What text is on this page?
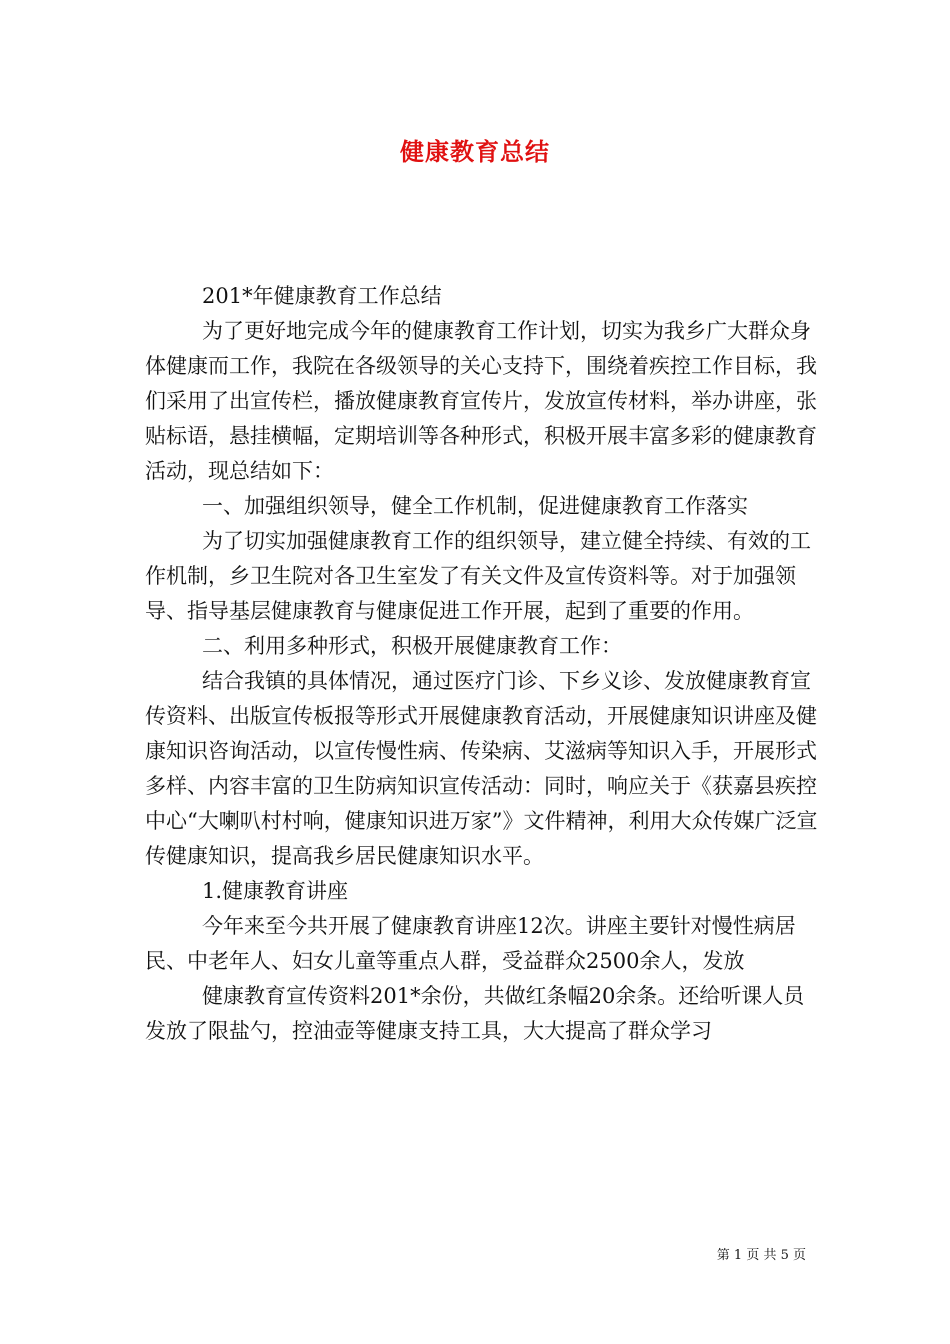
健康教育总结

201*年健康教育工作总结

为了更好地完成今年的健康教育工作计划，切实为我乡广大群众身体健康而工作，我院在各级领导的关心支持下，围绕着疾控工作目标，我们采用了出宣传栏，播放健康教育宣传片，发放宣传材料，举办讲座，张贴标语，悬挂横幅，定期培训等各种形式，积极开展丰富多彩的健康教育活动，现总结如下：

一、加强组织领导，健全工作机制，促进健康教育工作落实

为了切实加强健康教育工作的组织领导，建立健全持续、有效的工作机制，乡卫生院对各卫生室发了有关文件及宣传资料等。对于加强领导、指导基层健康教育与健康促进工作开展，起到了重要的作用。

二、利用多种形式，积极开展健康教育工作：

结合我镇的具体情况，通过医疗门诊、下乡义诊、发放健康教育宣传资料、出版宣传板报等形式开展健康教育活动，开展健康知识讲座及健康知识咨询活动，以宣传慢性病、传染病、艾滋病等知识入手，开展形式多样、内容丰富的卫生防病知识宣传活动：同时，响应关于《获嘉县疾控中心“大喇叭村村响，健康知识进万家”》文件精神，利用大众传媒广泛宣传健康知识，提高我乡居民健康知识水平。

1.健康教育讲座

今年来至今共开展了健康教育讲座12次。讲座主要针对慢性病居民、中老年人、妇女儿童等重点人群，受益群众2500余人，发放

健康教育宣传资料201*余份，共做红条幅20余条。还给听课人员发放了限盐勺，控油壶等健康支持工具，大大提高了群众学习

第 1 页 共 5 页
